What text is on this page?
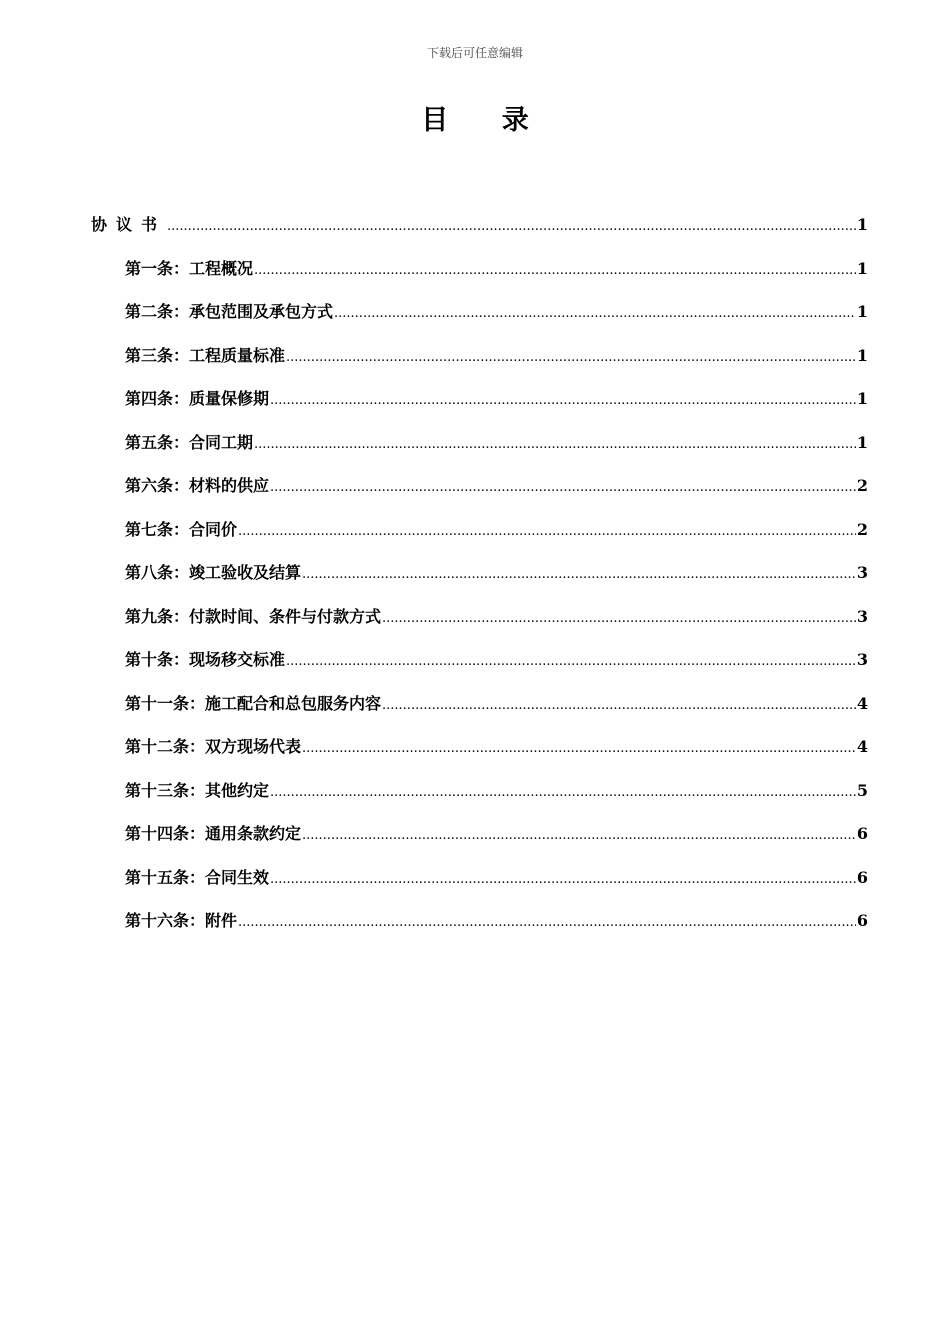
下载后可任意编辑
目 录
协议书 .....	1
第一条：工程概况 .....	1
第二条：承包范围及承包方式 .....	1
第三条：工程质量标准 .....	1
第四条：质量保修期 .....	1
第五条：合同工期 .....	1
第六条：材料的供应 .....	2
第七条：合同价 .....	2
第八条：竣工验收及结算 .....	3
第九条：付款时间、条件与付款方式 .....	3
第十条：现场移交标准 .....	3
第十一条：施工配合和总包服务内容 .....	4
第十二条：双方现场代表 .....	4
第十三条：其他约定 .....	5
第十四条：通用条款约定 .....	6
第十五条：合同生效 .....	6
第十六条：附件 .....	6
